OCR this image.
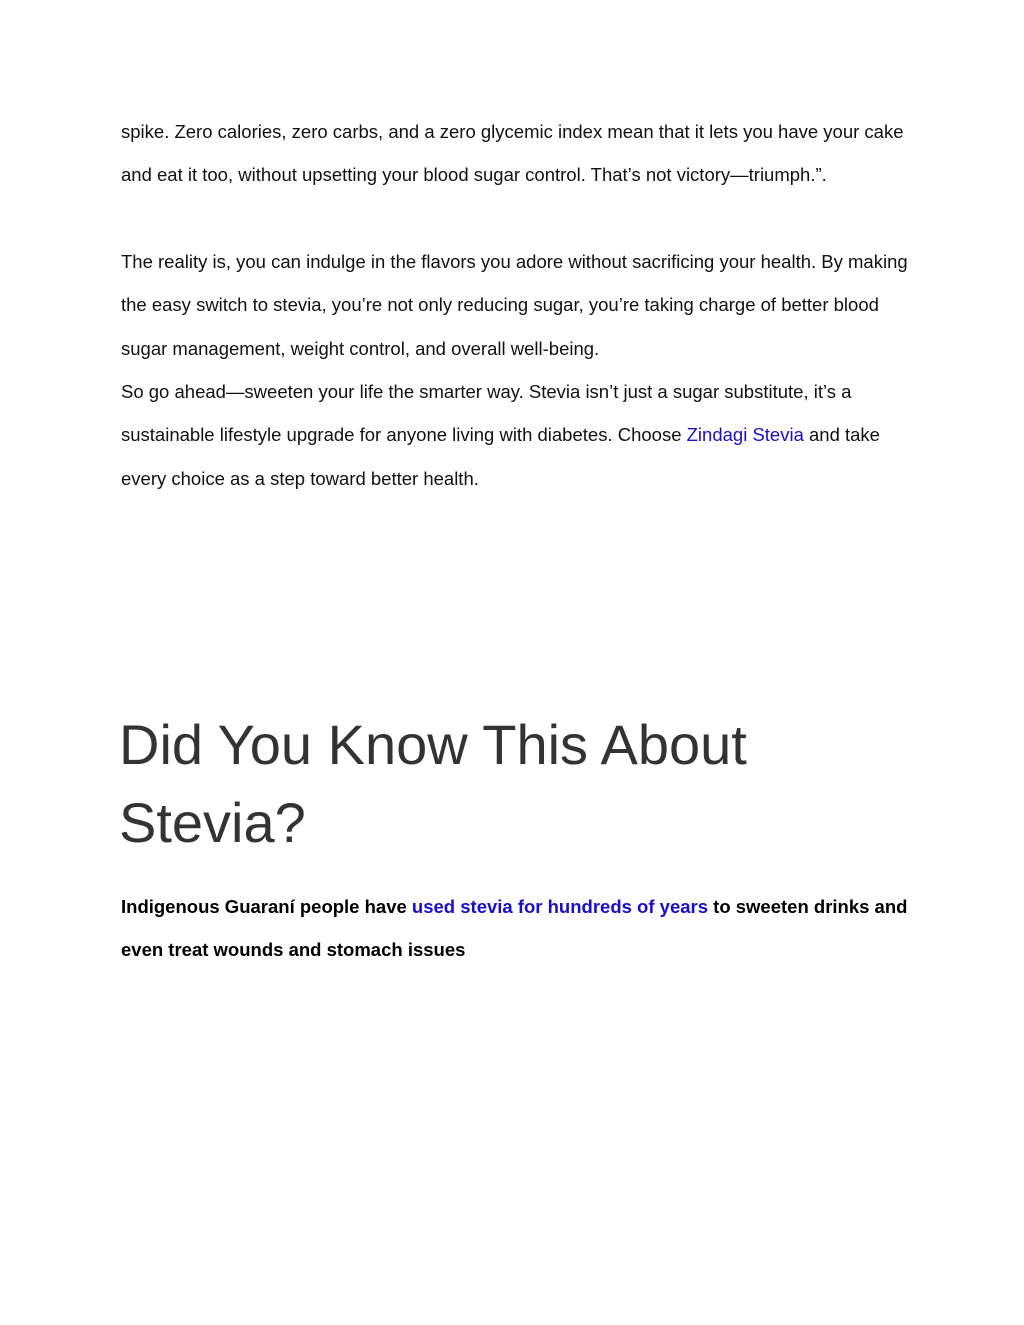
spike. Zero calories, zero carbs, and a zero glycemic index mean that it lets you have your cake and eat it too, without upsetting your blood sugar control. That’s not victory—triumph.”.

The reality is, you can indulge in the flavors you adore without sacrificing your health. By making the easy switch to stevia, you’re not only reducing sugar, you’re taking charge of better blood sugar management, weight control, and overall well-being.

So go ahead—sweeten your life the smarter way. Stevia isn’t just a sugar substitute, it’s a sustainable lifestyle upgrade for anyone living with diabetes. Choose Zindagi Stevia and take every choice as a step toward better health.

Did You Know This About
Stevia?

Indigenous Guaraní people have used stevia for hundreds of years to sweeten drinks and even treat wounds and stomach issues
